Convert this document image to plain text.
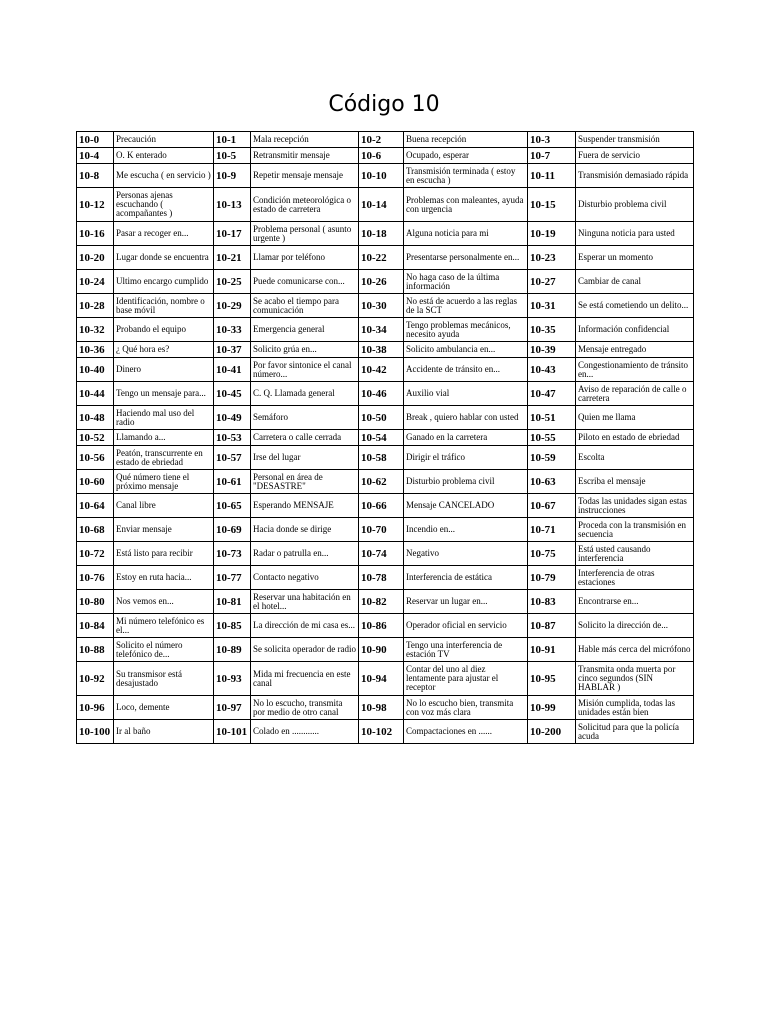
Código 10
10-0	Precaución	10-1	Mala recepción	10-2	Buena recepción	10-3	Suspender transmisión
10-4	O. K enterado	10-5	Retransmitir mensaje	10-6	Ocupado, esperar	10-7	Fuera de servicio
10-8	Me escucha ( en servicio )	10-9	Repetir mensaje mensaje	10-10	Transmisión terminada ( estoy en escucha )	10-11	Transmisión demasiado rápida
10-12	Personas ajenas escuchando ( acompañantes )	10-13	Condición meteorológica o estado de carretera	10-14	Problemas con maleantes, ayuda con urgencia	10-15	Disturbio problema civil
10-16	Pasar a recoger en...	10-17	Problema personal ( asunto urgente )	10-18	Alguna noticia para mi	10-19	Ninguna noticia para usted
10-20	Lugar donde se encuentra	10-21	Llamar por teléfono	10-22	Presentarse personalmente en...	10-23	Esperar un momento
10-24	Ultimo encargo cumplido	10-25	Puede comunicarse con...	10-26	No haga caso de la última información	10-27	Cambiar de canal
10-28	Identificación, nombre o base móvil	10-29	Se acabo el tiempo para comunicación	10-30	No está de acuerdo a las reglas de la SCT	10-31	Se está cometiendo un delito...
10-32	Probando el equipo	10-33	Emergencia general	10-34	Tengo problemas mecánicos, necesito ayuda	10-35	Información confidencial
10-36	¿ Qué hora es?	10-37	Solicito grúa en...	10-38	Solicito ambulancia en...	10-39	Mensaje entregado
10-40	Dinero	10-41	Por favor sintonice el canal número...	10-42	Accidente de tránsito en...	10-43	Congestionamiento de tránsito en...
10-44	Tengo un mensaje para...	10-45	C. Q. Llamada general	10-46	Auxilio vial	10-47	Aviso de reparación de calle o carretera
10-48	Haciendo mal uso del radio	10-49	Semáforo	10-50	Break , quiero hablar con usted	10-51	Quien me llama
10-52	Llamando a...	10-53	Carretera o calle cerrada	10-54	Ganado en la carretera	10-55	Piloto en estado de ebriedad
10-56	Peatón, transcurrente en estado de ebriedad	10-57	Irse del lugar	10-58	Dirigir el tráfico	10-59	Escolta
10-60	Qué número tiene el próximo mensaje	10-61	Personal en área de "DESASTRE"	10-62	Disturbio problema civil	10-63	Escriba el mensaje
10-64	Canal libre	10-65	Esperando MENSAJE	10-66	Mensaje CANCELADO	10-67	Todas las unidades sigan estas instrucciones
10-68	Enviar mensaje	10-69	Hacia donde se dirige	10-70	Incendio en...	10-71	Proceda con la transmisión en secuencia
10-72	Está listo para recibir	10-73	Radar o patrulla en...	10-74	Negativo	10-75	Está usted causando interferencia
10-76	Estoy en ruta hacia...	10-77	Contacto negativo	10-78	Interferencia de estática	10-79	Interferencia de otras estaciones
10-80	Nos vemos en...	10-81	Reservar una habitación en el hotel...	10-82	Reservar un lugar en...	10-83	Encontrarse en...
10-84	Mi número telefónico es el...	10-85	La dirección de mi casa es...	10-86	Operador oficial en servicio	10-87	Solicito la dirección de...
10-88	Solicito el número telefónico de...	10-89	Se solicita operador de radio	10-90	Tengo una interferencia de estación TV	10-91	Hable más cerca del micrófono
10-92	Su transmisor está desajustado	10-93	Mida mi frecuencia en este canal	10-94	Contar del uno al diez lentamente para ajustar el receptor	10-95	Transmita onda muerta por cinco segundos (SIN HABLAR )
10-96	Loco, demente	10-97	No lo escucho, transmita por medio de otro canal	10-98	No lo escucho bien, transmita con voz más clara	10-99	Misión cumplida, todas las unidades están bien
10-100	Ir al baño	10-101	Colado en ............	10-102	Compactaciones en ......	10-200	Solicitud para que la policía acuda
